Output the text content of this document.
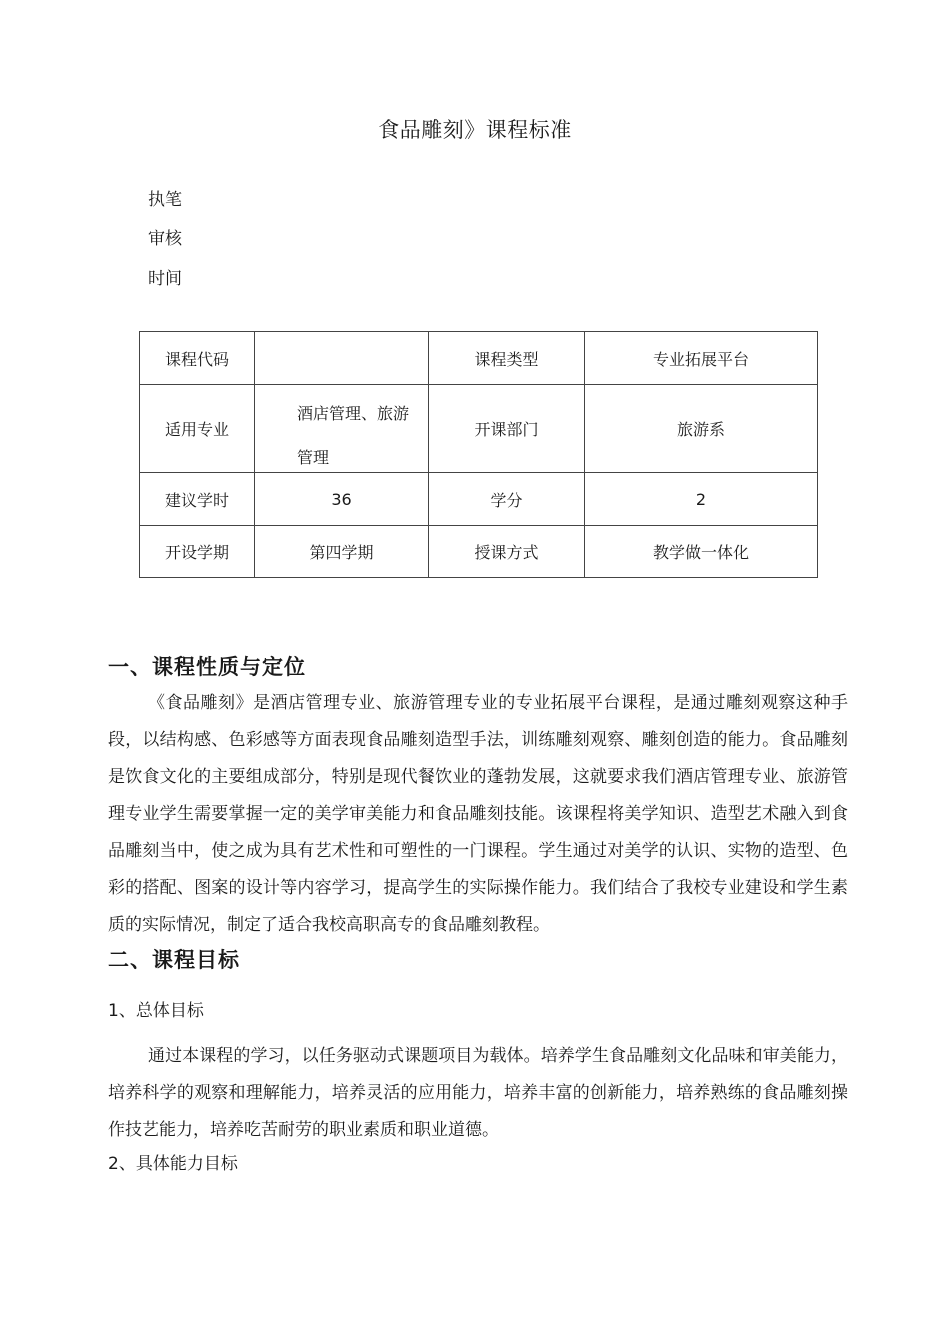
食品雕刻》课程标准
执笔
审核
时间
课程代码		课程类型	专业拓展平台
适用专业	酒店管理、旅游管理	开课部门	旅游系
建议学时	36	学分	2
开设学期	第四学期	授课方式	教学做一体化
一、课程性质与定位

《食品雕刻》是酒店管理专业、旅游管理专业的专业拓展平台课程，是通过雕刻观察这种手段，以结构感、色彩感等方面表现食品雕刻造型手法，训练雕刻观察、雕刻创造的能力。食品雕刻是饮食文化的主要组成部分，特别是现代餐饮业的蓬勃发展，这就要求我们酒店管理专业、旅游管理专业学生需要掌握一定的美学审美能力和食品雕刻技能。该课程将美学知识、造型艺术融入到食品雕刻当中，使之成为具有艺术性和可塑性的一门课程。学生通过对美学的认识、实物的造型、色彩的搭配、图案的设计等内容学习，提高学生的实际操作能力。我们结合了我校专业建设和学生素质的实际情况，制定了适合我校高职高专的食品雕刻教程。

二、课程目标
1、总体目标

通过本课程的学习，以任务驱动式课题项目为载体。培养学生食品雕刻文化品味和审美能力，培养科学的观察和理解能力，培养灵活的应用能力，培养丰富的创新能力，培养熟练的食品雕刻操作技艺能力，培养吃苦耐劳的职业素质和职业道德。

2、具体能力目标
